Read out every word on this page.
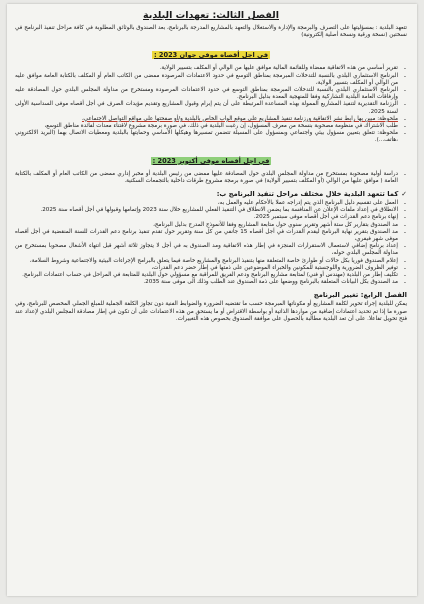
الفصل الثالث: تعهدات البلدية

تتعهد البلدية : بمسؤليتها على التصرف والبرمجة والإدارة والاستغلال والتعهد بالمشاريع المدرجة بالبرنامج، بعد الصندوق بالوثائق المطلوبة في كافة مراحل تنفيذ البرنامج في نسختين (نسخة ورقية ونسخة أصلية إلكترونية)

في اجل أقصاه موفى جوان 2023 :
-
تقرير أساسي من هذه الاتفاقية ممضاة وللقائمة المالية موافق عليها من الوالي أو المكلف بتسيير الولاية.
-
البرنامج الاستثماري البلدي بالنسبة للتدخلات المبرمجة بمناطق التوسع في حدود الاعتمادات المرصودة ممضى من الكاتب العام أو المكلف بالكتابة العامة موافق عليه من الوالي أو المكلف بتسيير الولاية،
-
البرنامج الاستثماري البلدي بالنسبة للتدخلات المبرمجة بمناطق التوسع في حدود الاعتمادات المرصودة ومستخرج من مداولة المجلس البلدي حول المصادقة عليه وإرفاقات العامة البلدية التشاركية وفقا للمنهجية المعدة بدليل البرنامج.
-
الرزنامة التقديرية لتنفيذ المشاريع الممولة بهذه المساعدة المرتبطة على أن يتم إبرام وقبول المشاريع وتقديم مؤيدات الصرف في أجل أقصاه موفى السداسية الأولى لسنة 2025.
-
ملحوظة: مبين بها رابط نشر الاتفاقية ورزنامة تنفيذ المشاريع على موقع الواب الخاص بالبلدية و/أو صفحتها على مواقع التواصل الاجتماعي،
-
طلب الاشتراك في منظومة مصحوبة بنسخة من معرف المسؤول، إن رغبت البلدية في ذلك، في صورة برمجة مشروع لاقتناء معدات لفائدة مناطق التوسع،
-
ملحوظة: تتعلق بتعيين مسؤول بيئي واجتماعي وبمسؤول على المسيلة تتضمن تمسيرها وهيكلها الأساسي وحمايتها بالبلدية ومعطيات الاتصال بهما (البريد الالكتروني ،هاتف...).
في اجل أقصاه موفى أكتوبر 2023 :
-
دراسة أولية مصحوبة بمستخرج من مداولة المجلس البلدي حول المصادقة عليها ممضى من رئيس البلدية أو مخبر إداري ممضى من الكاتب العام أو المكلف بالكتابة العامة ( موافق عليها من الوالي (أو المكلف بتسيير الولاية) في صورة برمجة مشروع طرقات داخلية بالتجمعات السكنية.
✓كما تتعهد البلدية خلال مختلف مراحل تنفيذ البرنامج ب:
-
العمل على تقسيم دليل البرنامج الذي يتم إدراجه عملا بالأحكام عليه والعمل به،
-
الانطلاق في إعداد ملفات الإعلان عن المنافسة بما يضمن الانطلاق في التنفيذ الفعلي للمشاريع خلال سنة 2023 وإتمامها وقبولها في أجل أقصاه سنة 2025.
-
إنهاء برنامج دعم القدرات في أجل أقصاه موفى سبتمبر 2025.
-
مد الصندوق بتقارير كل ستة أشهر وتقرير سنوي حول متابعة المشاريع وفقا للأنموذج المدرج بدليل البرنامج،
-
مد الصندوق بتقرير نهاية البرنامج ليقدم القدرات في أجل أقصاه 15 جانفي من كل سنة وتقرير حول تقدم تنفيذ برنامج دعم القدرات للسنة المنقضية في أجل أقصاه موفى شهر فيفري،
-
إعداد برنامج إضافي لاستعمال الاستقرارات المنجزة في إطار هذه الاتفاقية ومد الصندوق به في أجل لا يتجاوز ثلاثة أشهر قبل انتهاء الأشغال مصحوبا بمستخرج من مداولة المجلس البلدي حوله،
-
إعلام الصندوق فوريا بكل حالات أو طوارئ خاصة المتعلقة منها بتنفيذ البرنامج والمشاريع خاصة فيما يتعلق بالبرامج الإجراءات البيئية والاجتماعية وشروط السلامة،
-
توفير الظروف الضرورية واللوجستية للمكونين والخبراء الموضوعين على ذمتها في إطار حضر دعم القدرات،
-
تكليف إطار من البلدية (مهندس أو فني) لمتابعة مشاريع البرنامج ودعم الفريق للمراقبة مع مسؤولي حول البلدية للمتابعة في المراحل في حساب اعتمادات البرنامج.
-
مد الصندوق بكل البيانات المتعلقة بالبرنامج ووضعها على ذمة الصندوق عند الطلب وذلك الى موفى سنة 2035.
الفصل الرابع: تغيير البرنامج

يمكن للبلدية إجراء تحوير لكلفة المشاريع أو مكوناتها المبرمجة حسب ما تقتضيه الضرورة والضوابط الفنية دون تجاوز الكلفة الجملية للمبلغ الجملي المخصص للبرنامج، وفي صورة ما إذا تم تحديد اعتمادات إضافية من مواردها الذاتية أو بواسطة الاقتراض أو ما يستحق من هذه الاعتمادات على أن تكون في إطار مصادقة المجلس البلدي لإعداد عند فتح تحويل تفاعلا. على أن تعد البلدية مطالبة بالحصول على موافقة الصندوق بخصوص هذه التغييرات.
